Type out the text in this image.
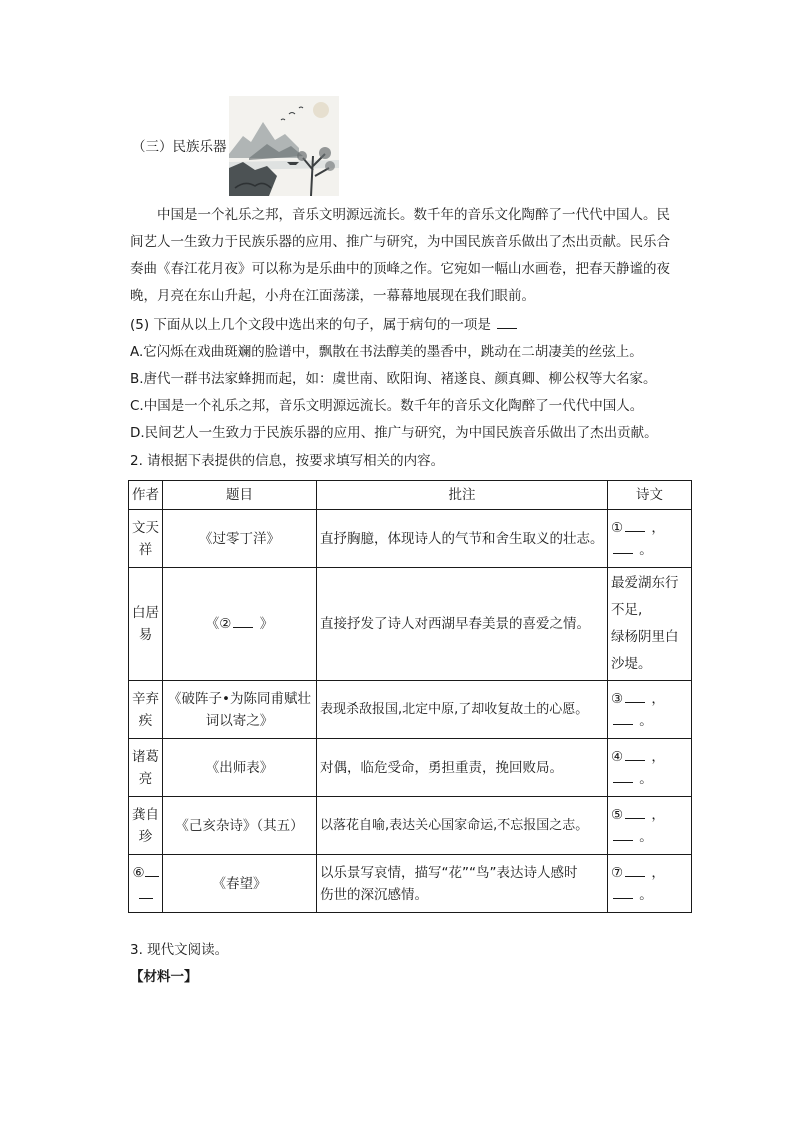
（三）民族乐器
中国是一个礼乐之邦，音乐文明源远流长。数千年的音乐文化陶醉了一代代中国人。民
间艺人一生致力于民族乐器的应用、推广与研究，为中国民族音乐做出了杰出贡献。民乐合
奏曲《春江花月夜》可以称为是乐曲中的顶峰之作。它宛如一幅山水画卷，把春天静谧的夜
晚，月亮在东山升起，小舟在江面荡漾，一幕幕地展现在我们眼前。
(5) 下面从以上几个文段中选出来的句子，属于病句的一项是
A.它闪烁在戏曲斑斓的脸谱中，飘散在书法醇美的墨香中，跳动在二胡凄美的丝弦上。
B.唐代一群书法家蜂拥而起，如：虞世南、欧阳询、褚遂良、颜真卿、柳公权等大名家。
C.中国是一个礼乐之邦，音乐文明源远流长。数千年的音乐文化陶醉了一代代中国人。
D.民间艺人一生致力于民族乐器的应用、推广与研究，为中国民族音乐做出了杰出贡献。
2. 请根据下表提供的信息，按要求填写相关的内容。
作者	题目	批注	诗文
文天
祥	《过零丁洋》	直抒胸臆，体现诗人的气节和舍生取义的壮志。	① ，
。
白居
易	《② 》	直接抒发了诗人对西湖早春美景的喜爱之情。	最爱湖东行
不足,
绿杨阴里白
沙堤。
辛弃
疾	《破阵子•为陈同甫赋壮
词以寄之》	表现杀敌报国,北定中原,了却收复故土的心愿。	③ ，
。
诸葛
亮	《出师表》	对偶，临危受命，勇担重责，挽回败局。	④ ，
。
龚自
珍	《己亥杂诗》（其五）	以落花自喻,表达关心国家命运,不忘报国之志。	⑤ ，
。
⑥	《春望》	以乐景写哀情，描写“花”“鸟”表达诗人感时
伤世的深沉感情。	⑦ ，
。
3. 现代文阅读。
【材料一】
